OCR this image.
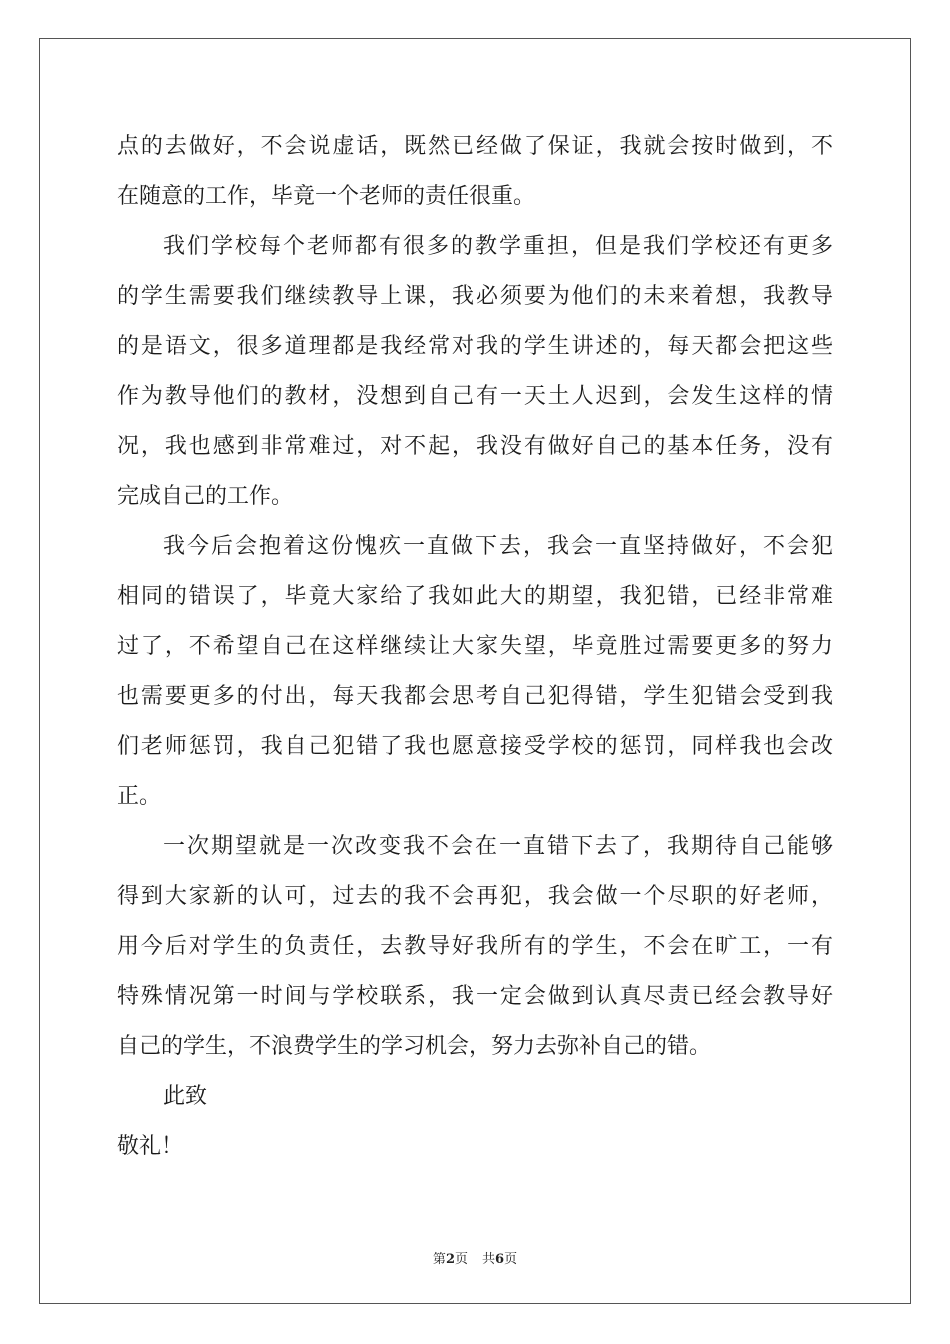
点的去做好，不会说虚话，既然已经做了保证，我就会按时做到，不
在随意的工作，毕竟一个老师的责任很重。
我们学校每个老师都有很多的教学重担，但是我们学校还有更多
的学生需要我们继续教导上课，我必须要为他们的未来着想，我教导
的是语文，很多道理都是我经常对我的学生讲述的，每天都会把这些
作为教导他们的教材，没想到自己有一天土人迟到，会发生这样的情
况，我也感到非常难过，对不起，我没有做好自己的基本任务，没有
完成自己的工作。
我今后会抱着这份愧疚一直做下去，我会一直坚持做好，不会犯
相同的错误了，毕竟大家给了我如此大的期望，我犯错，已经非常难
过了，不希望自己在这样继续让大家失望，毕竟胜过需要更多的努力
也需要更多的付出，每天我都会思考自己犯得错，学生犯错会受到我
们老师惩罚，我自己犯错了我也愿意接受学校的惩罚，同样我也会改
正。
一次期望就是一次改变我不会在一直错下去了，我期待自己能够
得到大家新的认可，过去的我不会再犯，我会做一个尽职的好老师，
用今后对学生的负责任，去教导好我所有的学生，不会在旷工，一有
特殊情况第一时间与学校联系，我一定会做到认真尽责已经会教导好
自己的学生，不浪费学生的学习机会，努力去弥补自己的错。
此致
敬礼！
第2页 共6页
